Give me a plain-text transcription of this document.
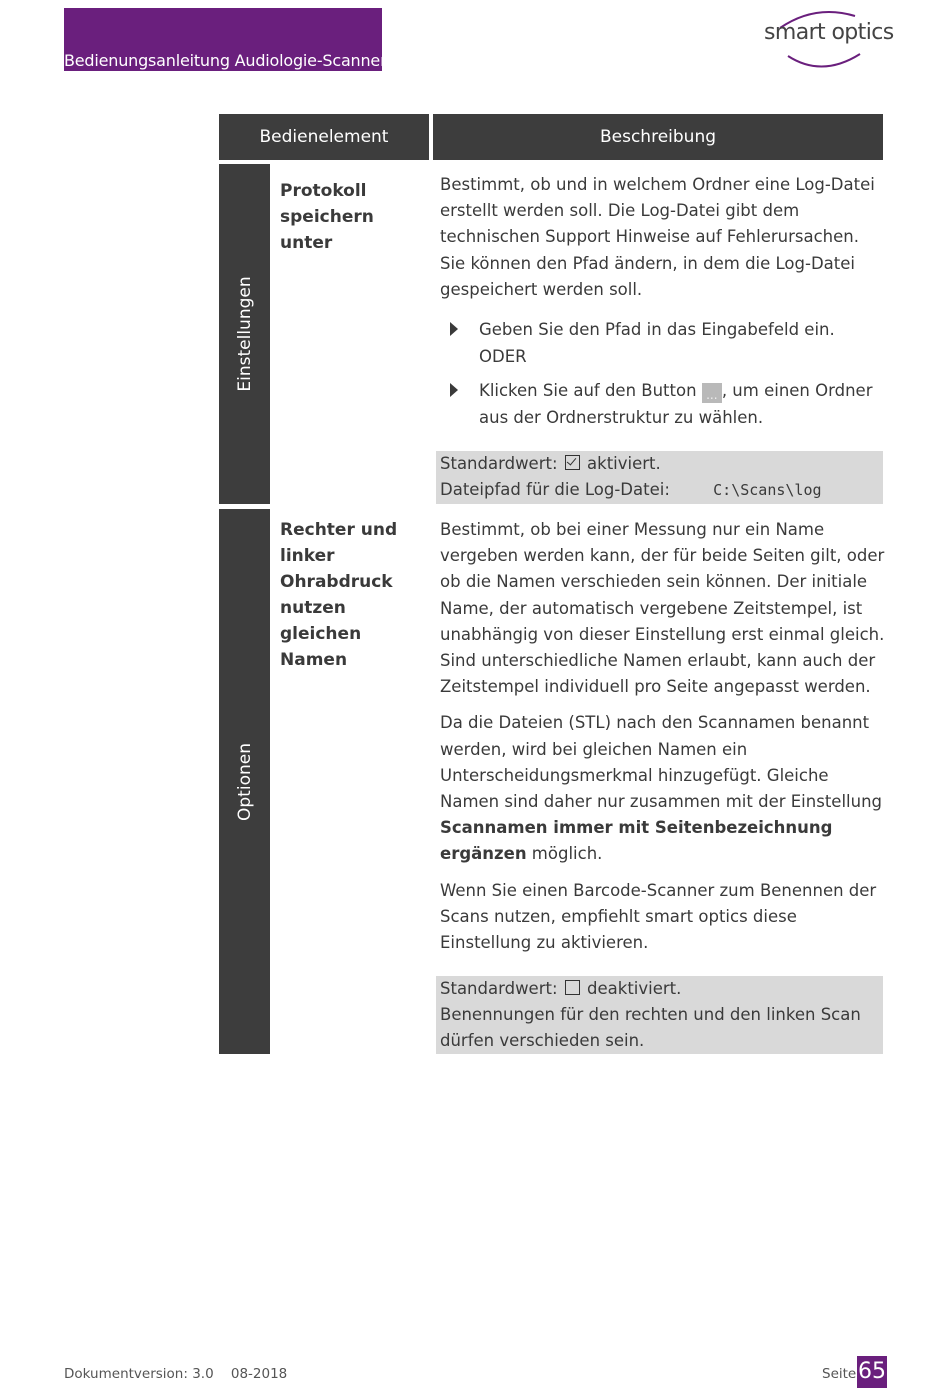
Bedienungsanleitung Audiologie-Scanner
smart optics
Bedienelement	Beschreibung
Einstellungen
Protokoll speichern unter

Bestimmt, ob und in welchem Ordner eine Log-Datei erstellt werden soll. Die Log-Datei gibt dem technischen Support Hinweise auf Fehlerursachen. Sie können den Pfad ändern, in dem die Log-Datei gespeichert werden soll.

Geben Sie den Pfad in das Eingabefeld ein.
ODER
Klicken Sie auf den Button ... , um einen Ordner aus der Ordnerstruktur zu wählen.
Standardwert: aktiviert.
Dateipfad für die Log-Datei:	C:\Scans\log
Optionen
Rechter und linker Ohrabdruck nutzen gleichen Namen

Bestimmt, ob bei einer Messung nur ein Name vergeben werden kann, der für beide Seiten gilt, oder ob die Namen verschieden sein können. Der initiale Name, der automatisch vergebene Zeitstempel, ist unabhängig von dieser Einstellung erst einmal gleich. Sind unterschiedliche Namen erlaubt, kann auch der Zeitstempel individuell pro Seite angepasst werden.

Da die Dateien (STL) nach den Scannamen benannt werden, wird bei gleichen Namen ein Unterscheidungsmerkmal hinzugefügt. Gleiche Namen sind daher nur zusammen mit der Einstellung Scannamen immer mit Seitenbezeichnung ergänzen möglich.

Wenn Sie einen Barcode-Scanner zum Benennen der Scans nutzen, empfiehlt smart optics diese Einstellung zu aktivieren.

Standardwert: deaktiviert.
Benennungen für den rechten und den linken Scan dürfen verschieden sein.
Dokumentversion: 3.0 08-2018	Seite 65
